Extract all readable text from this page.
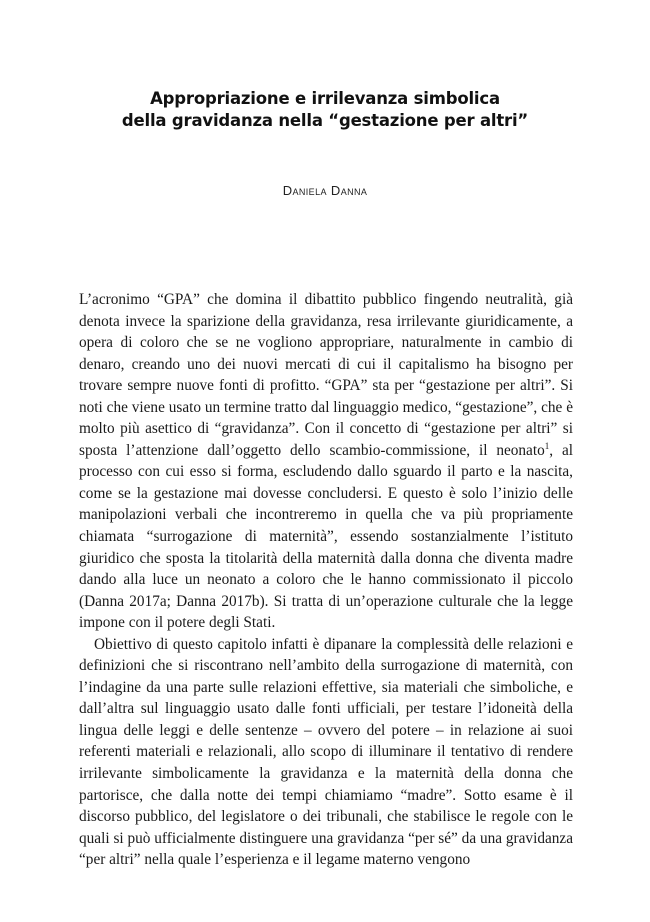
Appropriazione e irrilevanza simbolica
della gravidanza nella “gestazione per altri”
Daniela Danna

L’acronimo “GPA” che domina il dibattito pubblico fingendo neutralità, già denota invece la sparizione della gravidanza, resa irrilevante giuridicamente, a opera di coloro che se ne vogliono appropriare, naturalmente in cambio di denaro, creando uno dei nuovi mercati di cui il capitalismo ha bisogno per trovare sempre nuove fonti di profitto. “GPA” sta per “gestazione per altri”. Si noti che viene usato un termine tratto dal linguaggio medico, “gestazione”, che è molto più asettico di “gravidanza”. Con il concetto di “gestazione per altri” si sposta l’attenzione dall’oggetto dello scambio-commissione, il neonato$^1$, al processo con cui esso si forma, escludendo dallo sguardo il parto e la nascita, come se la gestazione mai dovesse concludersi. E questo è solo l’inizio delle manipolazioni verbali che incontreremo in quella che va più propriamente chiamata “surrogazione di maternità”, essendo sostanzialmente l’istituto giuridico che sposta la titolarità della maternità dalla donna che diventa madre dando alla luce un neonato a coloro che le hanno commissionato il piccolo (Danna 2017a; Danna 2017b). Si tratta di un’operazione culturale che la legge impone con il potere degli Stati.

Obiettivo di questo capitolo infatti è dipanare la complessità delle relazioni e definizioni che si riscontrano nell’ambito della surrogazione di maternità, con l’indagine da una parte sulle relazioni effettive, sia materiali che simboliche, e dall’altra sul linguaggio usato dalle fonti ufficiali, per testare l’idoneità della lingua delle leggi e delle sentenze – ovvero del potere – in relazione ai suoi referenti materiali e relazionali, allo scopo di illuminare il tentativo di rendere irrilevante simbolicamente la gravidanza e la maternità della donna che partorisce, che dalla notte dei tempi chiamiamo “madre”. Sotto esame è il discorso pubblico, del legislatore o dei tribunali, che stabilisce le regole con le quali si può ufficialmente distinguere una gravidanza “per sé” da una gravidanza “per altri” nella quale l’esperienza e il legame materno vengono
